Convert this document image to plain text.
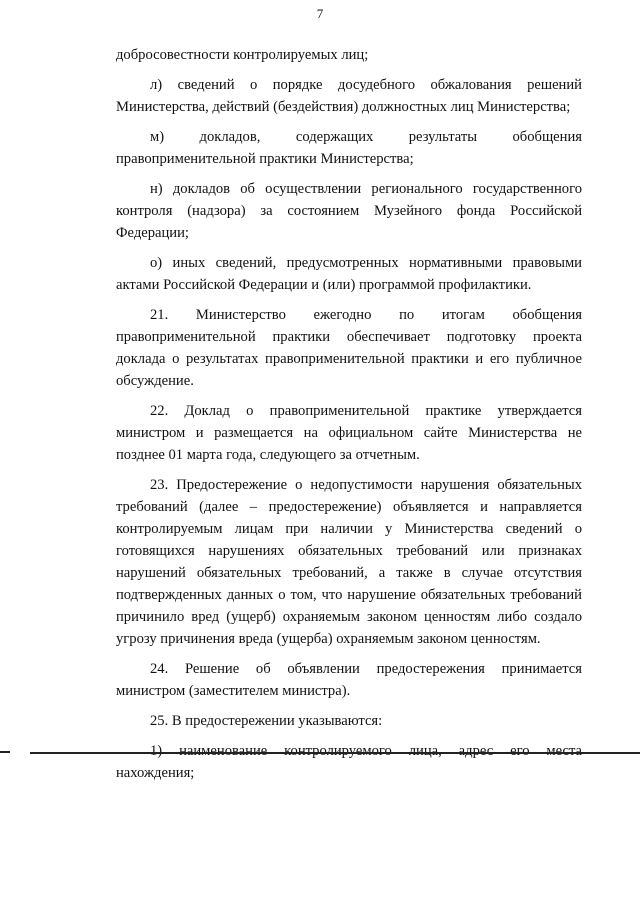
7

добросовестности контролируемых лиц;

л) сведений о порядке досудебного обжалования решений Министерства, действий (бездействия) должностных лиц Министерства;

м) докладов, содержащих результаты обобщения правоприменительной практики Министерства;

н) докладов об осуществлении регионального государственного контроля (надзора) за состоянием Музейного фонда Российской Федерации;

о) иных сведений, предусмотренных нормативными правовыми актами Российской Федерации и (или) программой профилактики.

21. Министерство ежегодно по итогам обобщения правоприменительной практики обеспечивает подготовку проекта доклада о результатах правоприменительной практики и его публичное обсуждение.

22. Доклад о правоприменительной практике утверждается министром и размещается на официальном сайте Министерства не позднее 01 марта года, следующего за отчетным.

23. Предостережение о недопустимости нарушения обязательных требований (далее – предостережение) объявляется и направляется контролируемым лицам при наличии у Министерства сведений о готовящихся нарушениях обязательных требований или признаках нарушений обязательных требований, а также в случае отсутствия подтвержденных данных о том, что нарушение обязательных требований причинило вред (ущерб) охраняемым законом ценностям либо создало угрозу причинения вреда (ущерба) охраняемым законом ценностям.

24. Решение об объявлении предостережения принимается министром (заместителем министра).

25. В предостережении указываются:

1) наименование контролируемого лица, адрес его места нахождения;
